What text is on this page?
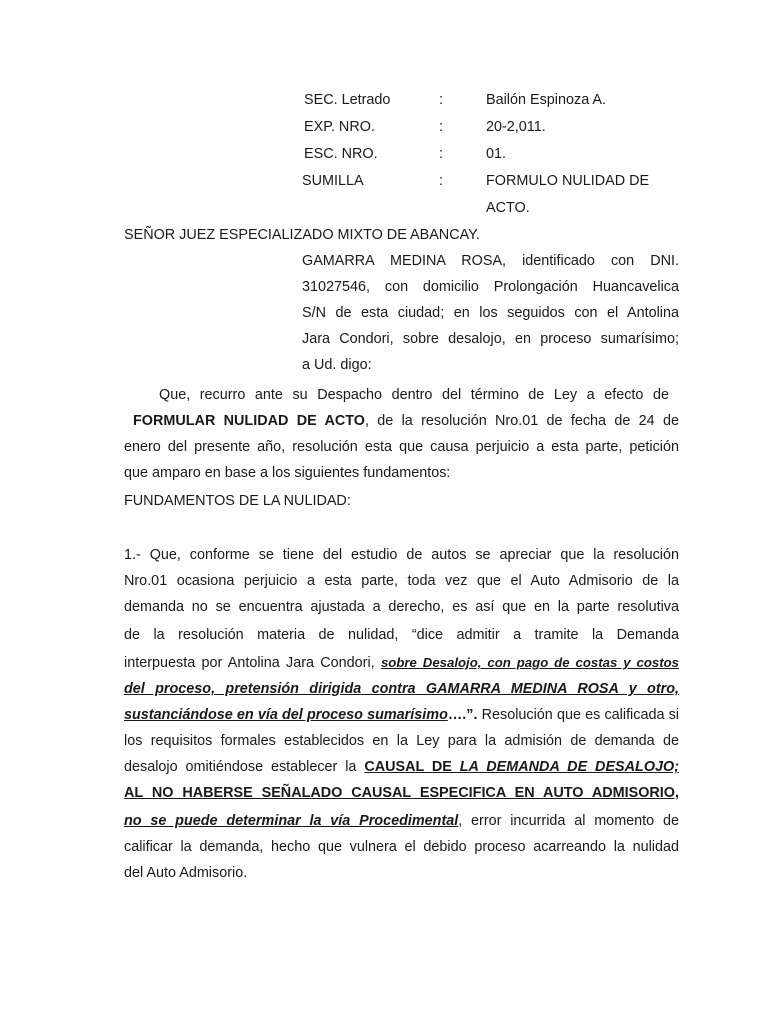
SEC. Letrado	:	Bailón Espinoza A.
EXP. NRO.	:	20-2,011.
ESC. NRO.	:	01.
SUMILLA	:	FORMULO NULIDAD DE
ACTO.
SEÑOR JUEZ ESPECIALIZADO MIXTO DE ABANCAY.
GAMARRA MEDINA ROSA, identificado con DNI.
31027546, con domicilio Prolongación Huancavelica
S/N de esta ciudad; en los seguidos con el Antolina
Jara Condori, sobre desalojo, en proceso sumarísimo;
a Ud. digo:
Que, recurro ante su Despacho dentro del término de Ley a efecto de
FORMULAR NULIDAD DE ACTO, de la resolución Nro.01 de fecha de 24 de
enero del presente año, resolución esta que causa perjuicio a esta parte, petición
que amparo en base a los siguientes fundamentos:
FUNDAMENTOS DE LA NULIDAD:
1.- Que, conforme se tiene del estudio de autos se apreciar que la resolución
Nro.01 ocasiona perjuicio a esta parte, toda vez que el Auto Admisorio de la
demanda no se encuentra ajustada a derecho, es así que en la parte resolutiva
de la resolución materia de nulidad, “dice admitir a tramite la Demanda
interpuesta por Antolina Jara Condori, sobre Desalojo, con pago de costas y costos
del proceso, pretensión dirigida contra GAMARRA MEDINA ROSA y otro,
sustanciándose en vía del proceso sumarísimo….”. Resolución que es calificada si
los requisitos formales establecidos en la Ley para la admisión de demanda de
desalojo omitiéndose establecer la CAUSAL DE LA DEMANDA DE DESALOJO;
AL NO HABERSE SEÑALADO CAUSAL ESPECIFICA EN AUTO ADMISORIO,
no se puede determinar la vía Procedimental, error incurrida al momento de
calificar la demanda, hecho que vulnera el debido proceso acarreando la nulidad
del Auto Admisorio.
